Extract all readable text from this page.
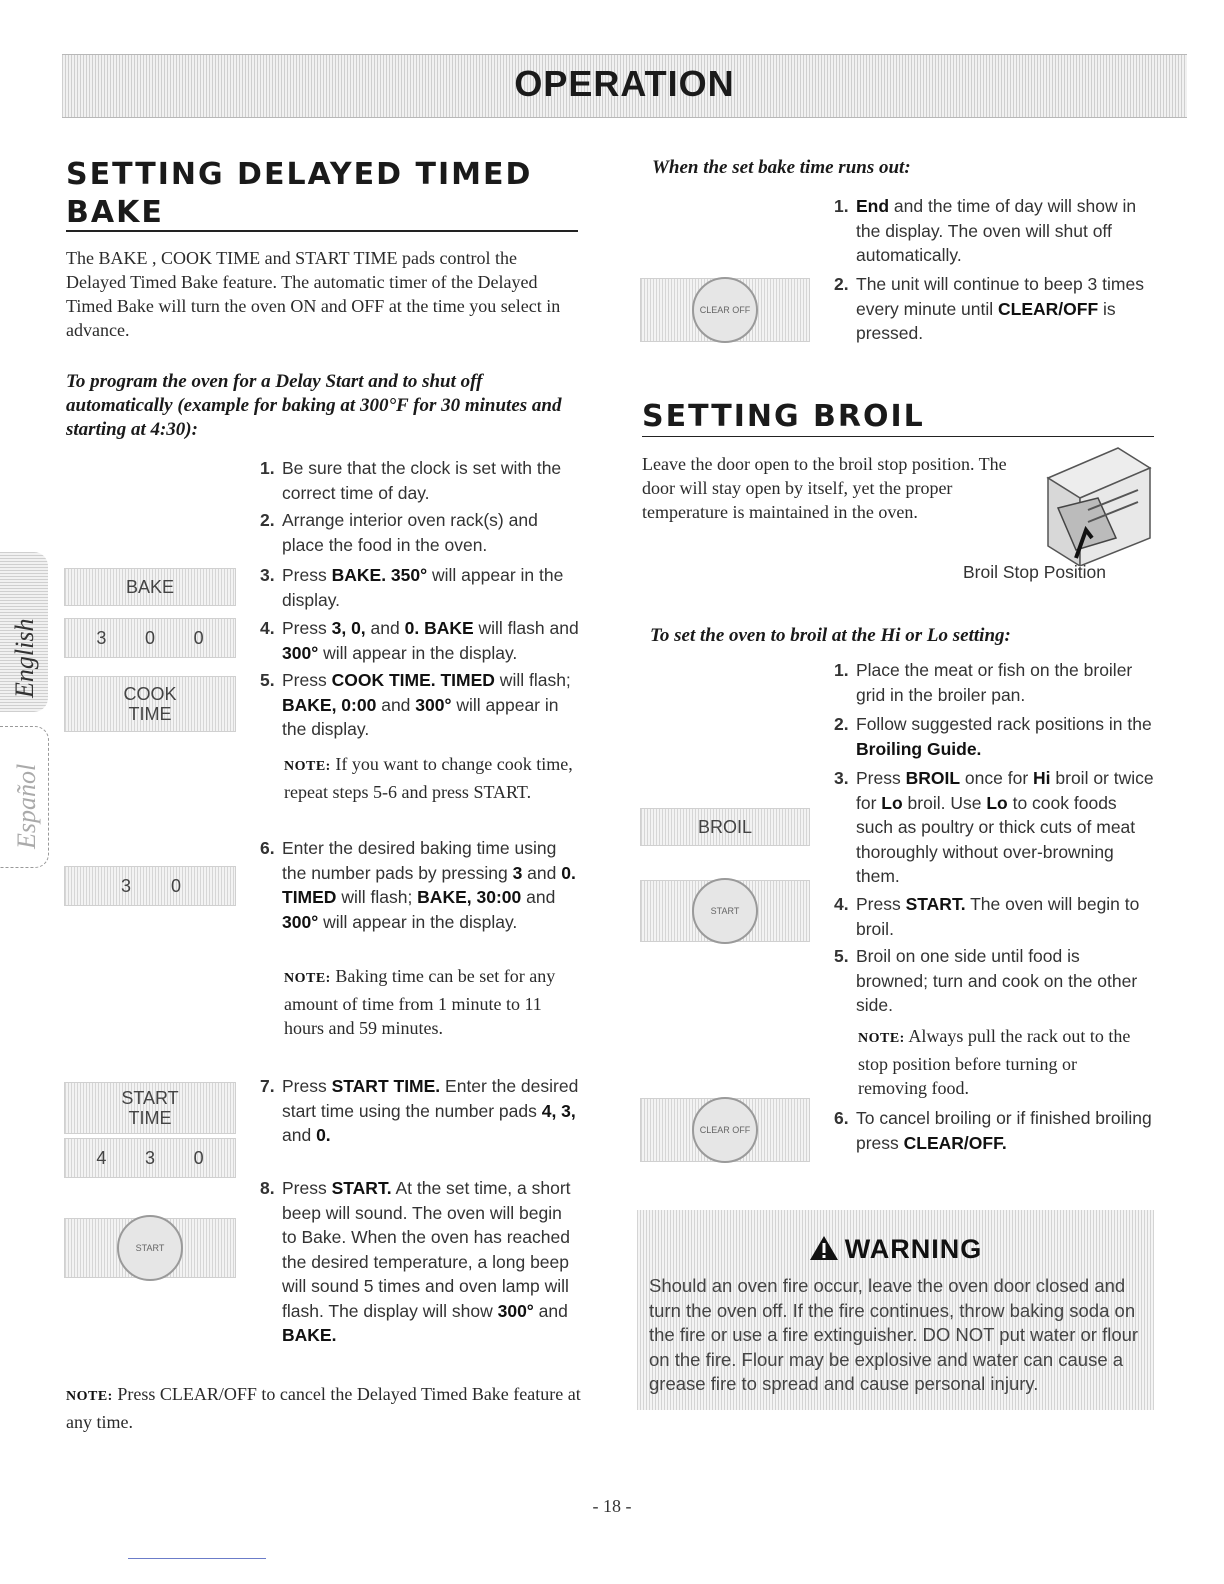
OPERATION
English
Español
SETTING DELAYED TIMED
BAKE
The BAKE , COOK TIME and START TIME pads control the Delayed Timed Bake feature. The automatic timer of the Delayed Timed Bake will turn the oven ON and OFF at the time you select in advance.
To program the oven for a Delay Start and to shut off automatically (example for baking at 300°F for 30 minutes and starting at 4:30):
BAKE
3 0 0
COOK
TIME
3 0
START
TIME
4 3 0
START
1. Be sure that the clock is set with the correct time of day.
2. Arrange interior oven rack(s) and place the food in the oven.
3. Press BAKE. 350° will appear in the display.
4. Press 3, 0, and 0. BAKE will flash and 300° will appear in the display.
5. Press COOK TIME. TIMED will flash; BAKE, 0:00 and 300° will appear in the display.
6. Enter the desired baking time using the number pads by pressing 3 and 0. TIMED will flash; BAKE, 30:00 and 300° will appear in the display.
7. Press START TIME. Enter the desired start time using the number pads 4, 3, and 0.
8. Press START. At the set time, a short beep will sound. The oven will begin to Bake. When the oven has reached the desired temperature, a long beep will sound 5 times and oven lamp will flash. The display will show 300° and BAKE.
NOTE: If you want to change cook time, repeat steps 5-6 and press START.
NOTE: Baking time can be set for any amount of time from 1 minute to 11 hours and 59 minutes.
NOTE: Press CLEAR/OFF to cancel the Delayed Timed Bake feature at any time.
When the set bake time runs out:
CLEAR OFF
1. End and the time of day will show in the display. The oven will shut off automatically.
2. The unit will continue to beep 3 times every minute until CLEAR/OFF is pressed.
SETTING BROIL
Leave the door open to the broil stop position. The door will stay open by itself, yet the proper temperature is maintained in the oven.
Broil Stop Position
To set the oven to broil at the Hi or Lo setting:
BROIL
START
CLEAR OFF
1. Place the meat or fish on the broiler grid in the broiler pan.
2. Follow suggested rack positions in the Broiling Guide.
3. Press BROIL once for Hi broil or twice for Lo broil. Use Lo to cook foods such as poultry or thick cuts of meat thoroughly without over-browning them.
4. Press START. The oven will begin to broil.
5. Broil on one side until food is browned; turn and cook on the other side.
6. To cancel broiling or if finished broiling press CLEAR/OFF.
NOTE: Always pull the rack out to the stop position before turning or removing food.
WARNING
Should an oven fire occur, leave the oven door closed and turn the oven off. If the fire continues, throw baking soda on the fire or use a fire extinguisher. DO NOT put water or flour on the fire. Flour may be explosive and water can cause a grease fire to spread and cause personal injury.
- 18 -
